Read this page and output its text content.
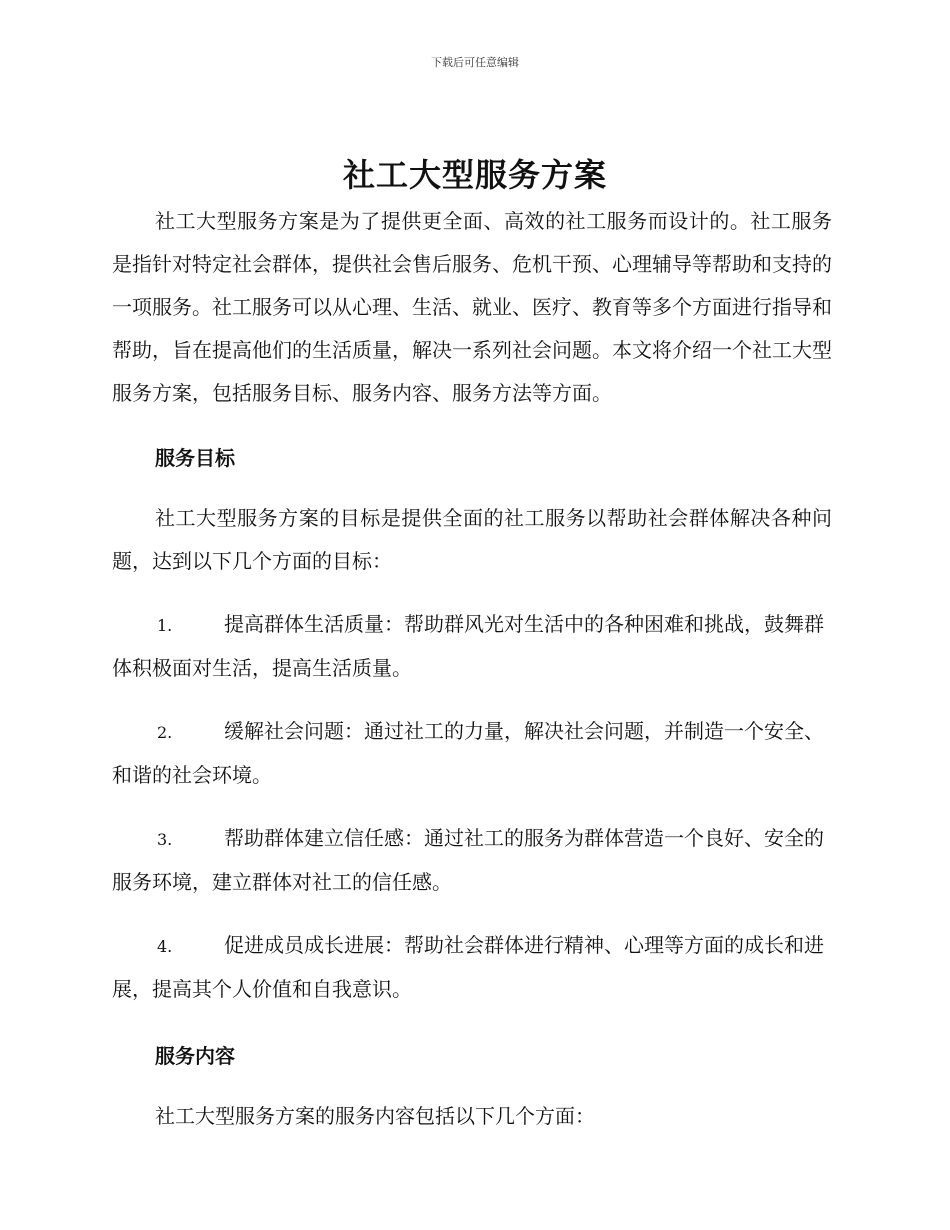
下载后可任意编辑
社工大型服务方案

社工大型服务方案是为了提供更全面、高效的社工服务而设计的。社工服务是指针对特定社会群体，提供社会售后服务、危机干预、心理辅导等帮助和支持的一项服务。社工服务可以从心理、生活、就业、医疗、教育等多个方面进行指导和帮助，旨在提高他们的生活质量，解决一系列社会问题。本文将介绍一个社工大型服务方案，包括服务目标、服务内容、服务方法等方面。

服务目标

社工大型服务方案的目标是提供全面的社工服务以帮助社会群体解决各种问题，达到以下几个方面的目标：

1.	提高群体生活质量：帮助群风光对生活中的各种困难和挑战，鼓舞群体积极面对生活，提高生活质量。

2.	缓解社会问题：通过社工的力量，解决社会问题，并制造一个安全、和谐的社会环境。

3.	帮助群体建立信任感：通过社工的服务为群体营造一个良好、安全的服务环境，建立群体对社工的信任感。

4.	促进成员成长进展：帮助社会群体进行精神、心理等方面的成长和进展，提高其个人价值和自我意识。

服务内容

社工大型服务方案的服务内容包括以下几个方面：
